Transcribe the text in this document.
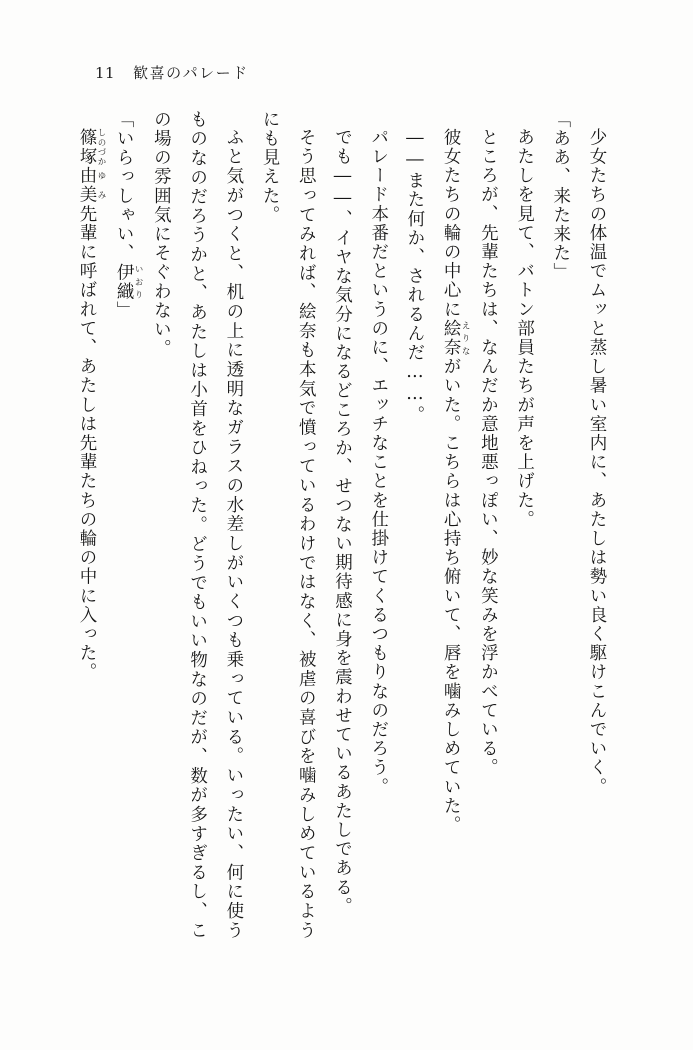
11 歓喜のパレード

少女たちの体温でムッと蒸し暑い室内に、あたしは勢い良く駆けこんでいく。

「ああ、来た来た」

あたしを見て、バトン部員たちが声を上げた。

ところが、先輩たちは、なんだか意地悪っぽい、妙な笑みを浮かべている。

彼女たちの輪の中心に絵奈 えりながいた。こちらは心持ち俯いて、唇を噛みしめていた。

――また何か、されるんだ……。

パレード本番だというのに、エッチなことを仕掛けてくるつもりなのだろう。

でも――、イヤな気分になるどころか、せつない期待感に身を震わせているあたしである。

そう思ってみれば、絵奈も本気で憤っているわけではなく、被虐の喜びを噛みしめているようにも見えた。

ふと気がつくと、机の上に透明なガラスの水差しがいくつも乗っている。いったい、何に使うものなのだろうかと、あたしは小首をひねった。どうでもいい物なのだが、数が多すぎるし、この場の雰囲気にそぐわない。

「いらっしゃい、伊織 いおり」

篠塚 しのづか由美 ゆみ先輩に呼ばれて、あたしは先輩たちの輪の中に入った。
